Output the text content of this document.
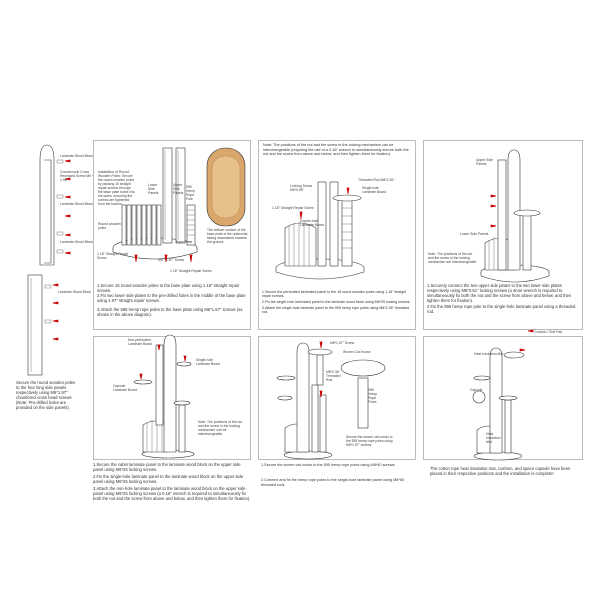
Laminate Wood Block
Countersunk Cross Recessed Screw M6 * 1.98"
Laminate Wood Block
Laminate Wood Block
Laminate Wood Block
Secure the round wooden poles to the four long side panels respectively using M6*1.97" chamfered cross head screws (Note: Pre-drilled holes are provided on the side panels).
Installation of Round Wooden Poles: Secure the round wooden poles by passing 16 straight repair screws through the base plate holes into the poles, ensuring the screws are tightened from the bottom.
Lower Side Panels
Upper Side Panels
595 Hemp Rope Pole
Round wooden poles
1.18" Straight Repair Screw	M6 * 1.57" Screw
Base Plate
1.18" Straight Repair Screw
The bottom surface of the base plate is the underside, facing downwards towards the ground.
1.Secure 16 round wooden poles to the base plate using 1.18" straight repair screws.
2.Fix two lower side plates to the pre-drilled holes in the middle of the base plate using 1.97" straight repair screws.
3.Attach the 595 hemp rope poles to the base plate using M6*1.57" screws (as shown in the above diagram).
Note: The positions of the nut and the screw in the locking mechanism can be interchangeable (requiring the use of a 0.16" wrench to simultaneously secure both the nut and the screw from above and below, and then tighten them for fixation).
Threaded Rod M8*2.36"
Locking Screw M6*0.98"	Single-hole Laminate Board
1.18" Straight Repair Screw
Double-hole Laminate Board
1.Secure the perforated laminated panel to the 16 round wooden poles using 1.18" straight repair screws.
2.Fix the single-hole laminated panel to the laminate wood block using M6*25 locking screws.
3.Attach the single-hole laminate panel to the 595 hemp rope poles using M8*2.36" threaded rod.
Upper Side Panels
Lower Side Panels
Note: The positions of the nut and the screw in the locking mechanism are interchangeable.
1.Securely connect the two upper side plates to the two lower side plates respectively using M6*0.51" locking screws (a 4mm wrench is required to simultaneously fix both the nut and the screw from above and below, and then tighten them for fixation).
2.Fix the 595 hemp rope pole to the single-hole laminate panel using a threaded rod.
Non-perforated Laminate Board
Single-hole Laminate Board
Capsule Laminate Board
Note: The positions of the nut and the screw in the locking mechanism can be interchangeable.
1.Secure the cabin laminate panel to the laminate wood block on the upper side panel using M6*25 locking screws.
2.Fix the single-hole laminate panel to the laminate wood block on the upper side panel using M6*25 locking screws.
3.Attach the non-hole laminate panel to the laminate wood block on the upper side panel using M6*25 locking screws (a 0.16" wrench is required to simultaneously fix both the nut and the screw from above and below, and then tighten them for fixation).
M8*1.57" Screw
Woven Cat House
M8*2.36" Threaded Rod
595 Hemp Rope Poles
Secure the woven cat condo to the 595 hemp rope poles using M8*1.57" screws.
1.Secure the woven cat condo to the 595 hemp rope poles using M8*40 screws.
2.Connect and fix the hemp rope poles to the single-hole laminate panel using M8*60 threaded rods.
Cushion / Soft Pad
Heat Insulation Mat
Capsule
Heat Insulation Mat
The cotton rope heat insulation mat, cushion, and space capsule have been placed in their respective positions and the installation is complete!
